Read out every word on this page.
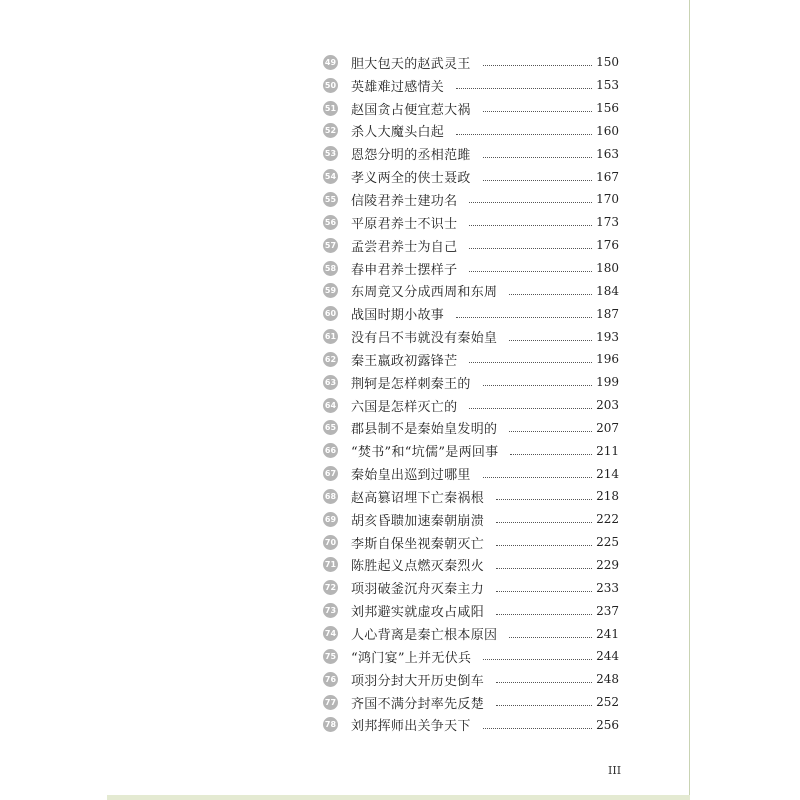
49 胆大包天的赵武灵王	150
50 英雄难过感情关	153
51 赵国贪占便宜惹大祸	156
52 杀人大魔头白起	160
53 恩怨分明的丞相范雎	163
54 孝义两全的侠士聂政	167
55 信陵君养士建功名	170
56 平原君养士不识士	173
57 孟尝君养士为自己	176
58 春申君养士摆样子	180
59 东周竟又分成西周和东周	184
60 战国时期小故事	187
61 没有吕不韦就没有秦始皇	193
62 秦王嬴政初露锋芒	196
63 荆轲是怎样刺秦王的	199
64 六国是怎样灭亡的	203
65 郡县制不是秦始皇发明的	207
66 “焚书”和“坑儒”是两回事	211
67 秦始皇出巡到过哪里	214
68 赵高篡诏埋下亡秦祸根	218
69 胡亥昏聩加速秦朝崩溃	222
70 李斯自保坐视秦朝灭亡	225
71 陈胜起义点燃灭秦烈火	229
72 项羽破釜沉舟灭秦主力	233
73 刘邦避实就虚攻占咸阳	237
74 人心背离是秦亡根本原因	241
75 “鸿门宴”上并无伏兵	244
76 项羽分封大开历史倒车	248
77 齐国不满分封率先反楚	252
78 刘邦挥师出关争天下	256
III
